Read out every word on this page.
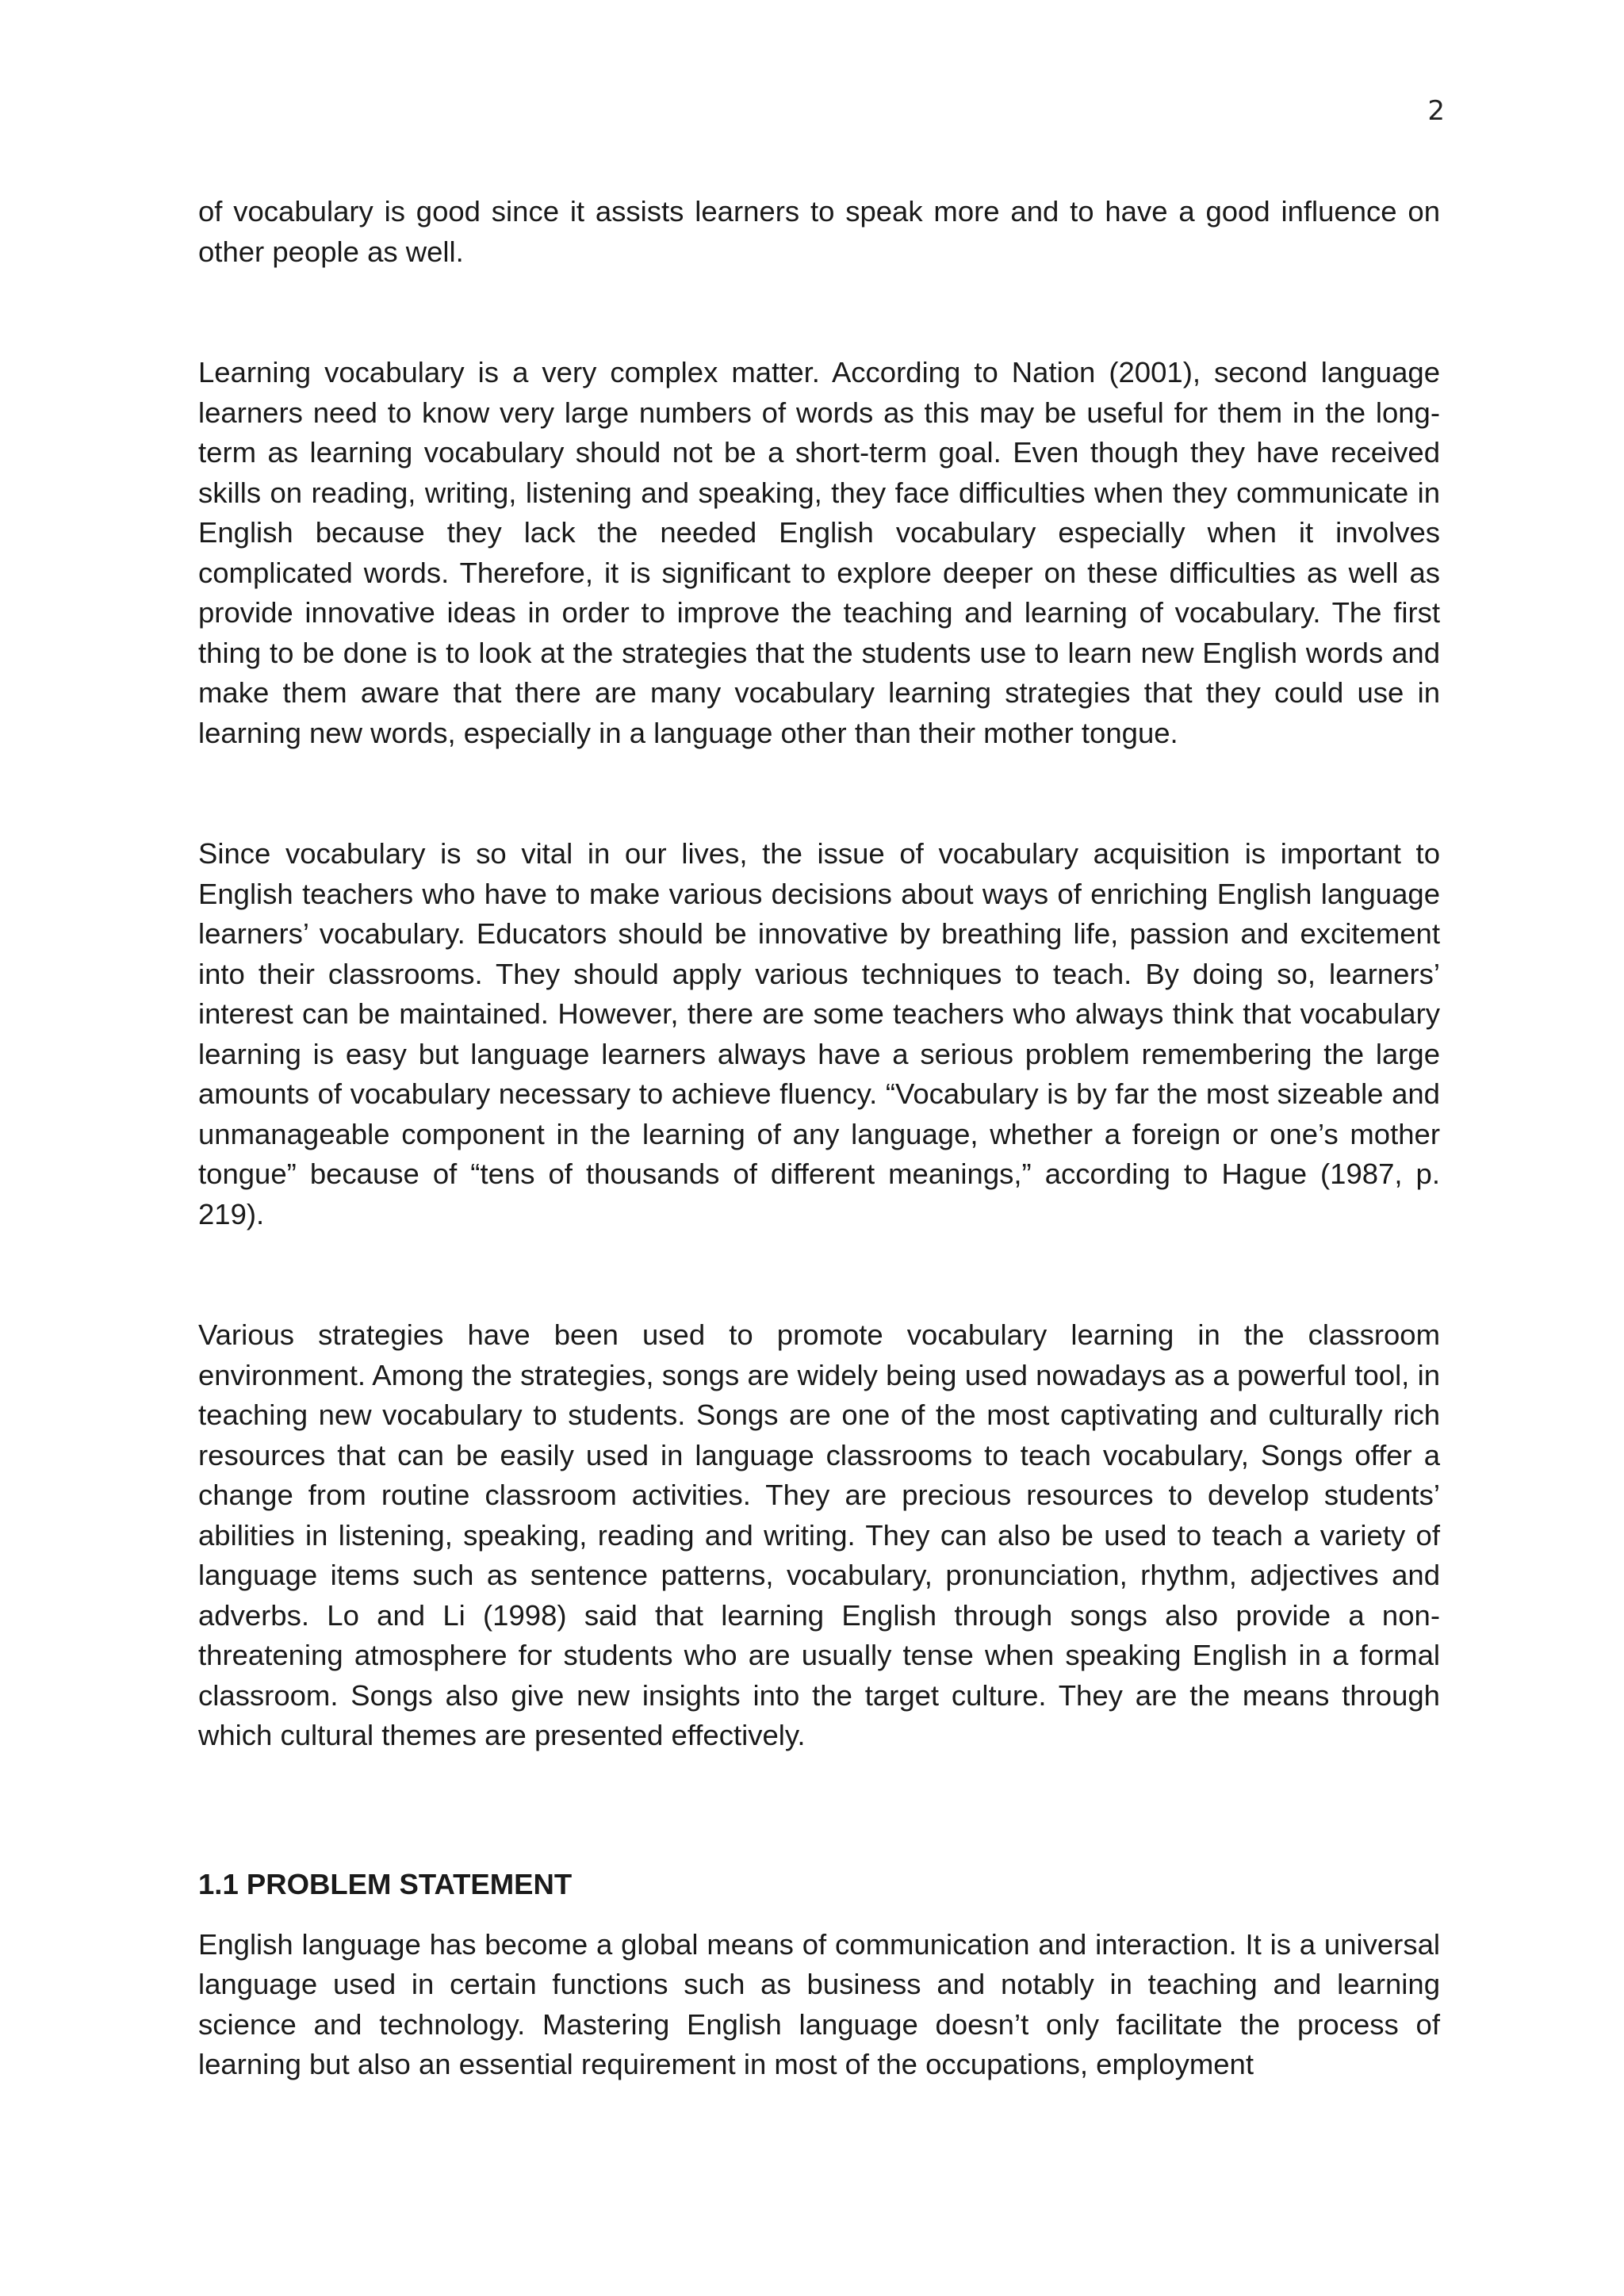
2

of vocabulary is good since it assists learners to speak more and to have a good influence on other people as well.

Learning vocabulary is a very complex matter. According to Nation (2001), second language learners need to know very large numbers of words as this may be useful for them in the long-term as learning vocabulary should not be a short-term goal. Even though they have received skills on reading, writing, listening and speaking, they face difficulties when they communicate in English because they lack the needed English vocabulary especially when it involves complicated words. Therefore, it is significant to explore deeper on these difficulties as well as provide innovative ideas in order to improve the teaching and learning of vocabulary. The first thing to be done is to look at the strategies that the students use to learn new English words and make them aware that there are many vocabulary learning strategies that they could use in learning new words, especially in a language other than their mother tongue.

Since vocabulary is so vital in our lives, the issue of vocabulary acquisition is important to English teachers who have to make various decisions about ways of enriching English language learners’ vocabulary. Educators should be innovative by breathing life, passion and excitement into their classrooms. They should apply various techniques to teach. By doing so, learners’ interest can be maintained. However, there are some teachers who always think that vocabulary learning is easy but language learners always have a serious problem remembering the large amounts of vocabulary necessary to achieve fluency. “Vocabulary is by far the most sizeable and unmanageable component in the learning of any language, whether a foreign or one’s mother tongue” because of “tens of thousands of different meanings,” according to Hague (1987, p. 219).

Various strategies have been used to promote vocabulary learning in the classroom environment. Among the strategies, songs are widely being used nowadays as a powerful tool, in teaching new vocabulary to students. Songs are one of the most captivating and culturally rich resources that can be easily used in language classrooms to teach vocabulary, Songs offer a change from routine classroom activities. They are precious resources to develop students’ abilities in listening, speaking, reading and writing. They can also be used to teach a variety of language items such as sentence patterns, vocabulary, pronunciation, rhythm, adjectives and adverbs. Lo and Li (1998) said that learning English through songs also provide a non-threatening atmosphere for students who are usually tense when speaking English in a formal classroom. Songs also give new insights into the target culture. They are the means through which cultural themes are presented effectively.

1.1 PROBLEM STATEMENT

English language has become a global means of communication and interaction. It is a universal language used in certain functions such as business and notably in teaching and learning science and technology. Mastering English language doesn’t only facilitate the process of learning but also an essential requirement in most of the occupations, employment
